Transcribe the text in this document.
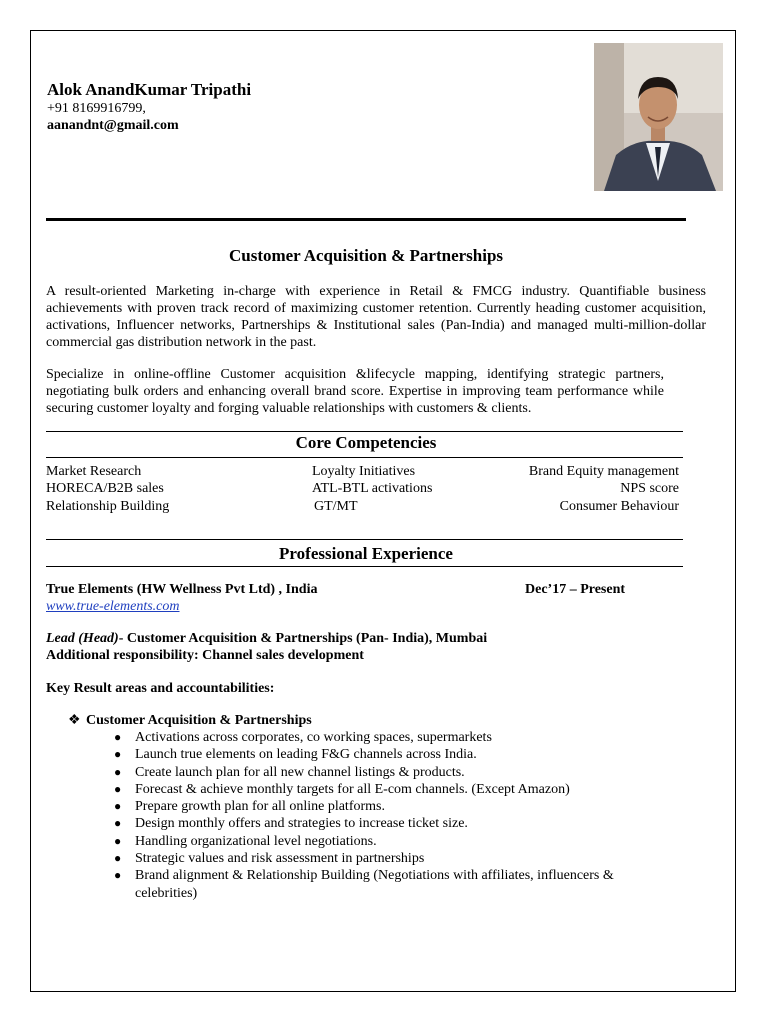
Alok AnandKumar Tripathi
+91 8169916799,
aanandnt@gmail.com
Customer Acquisition & Partnerships
A result-oriented Marketing in-charge with experience in Retail & FMCG industry. Quantifiable business achievements with proven track record of maximizing customer retention. Currently heading customer acquisition, activations, Influencer networks, Partnerships & Institutional sales (Pan-India) and managed multi-million-dollar commercial gas distribution network in the past.
Specialize in online-offline Customer acquisition &lifecycle mapping, identifying strategic partners, negotiating bulk orders and enhancing overall brand score. Expertise in improving team performance while securing customer loyalty and forging valuable relationships with customers & clients.
Core Competencies
Market Research
HORECA/B2B sales
Relationship Building
Loyalty Initiatives
ATL-BTL activations
GT/MT
Brand Equity management
NPS score
Consumer Behaviour
Professional Experience
True Elements (HW Wellness Pvt Ltd) , India	Dec’17 – Present
www.true-elements.com
Lead (Head)- Customer Acquisition & Partnerships (Pan- India), Mumbai
Additional responsibility: Channel sales development
Key Result areas and accountabilities:
❖ Customer Acquisition & Partnerships
● Activations across corporates, co working spaces, supermarkets
● Launch true elements on leading F&G channels across India.
● Create launch plan for all new channel listings & products.
● Forecast & achieve monthly targets for all E-com channels. (Except Amazon)
● Prepare growth plan for all online platforms.
● Design monthly offers and strategies to increase ticket size.
● Handling organizational level negotiations.
● Strategic values and risk assessment in partnerships
● Brand alignment & Relationship Building (Negotiations with affiliates, influencers & celebrities)
